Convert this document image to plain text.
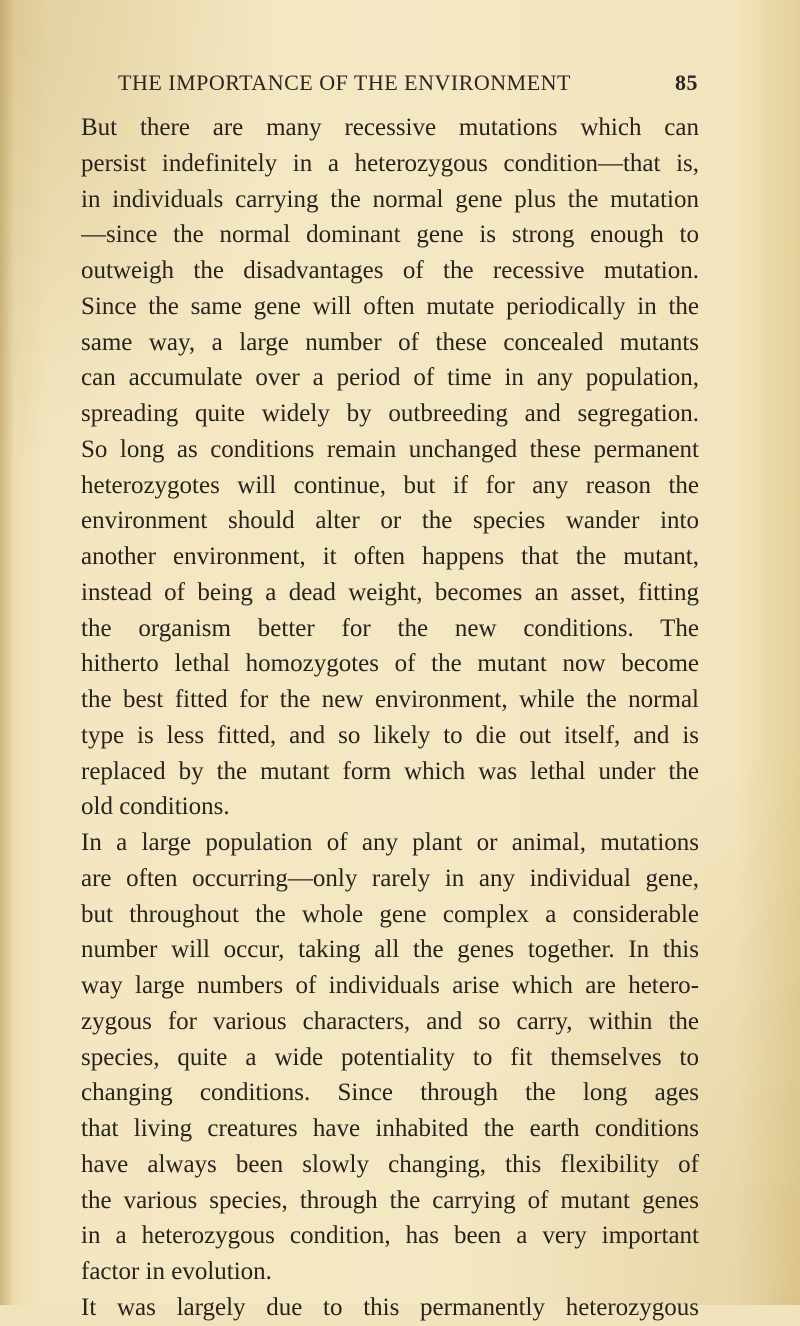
THE IMPORTANCE OF THE ENVIRONMENT	85
But there are many recessive mutations which can
persist indefinitely in a heterozygous condition—that is,
in individuals carrying the normal gene plus the mutation
—since the normal dominant gene is strong enough to
outweigh the disadvantages of the recessive mutation.
Since the same gene will often mutate periodically in the
same way, a large number of these concealed mutants
can accumulate over a period of time in any population,
spreading quite widely by outbreeding and segregation.
So long as conditions remain unchanged these permanent
heterozygotes will continue, but if for any reason the
environment should alter or the species wander into
another environment, it often happens that the mutant,
instead of being a dead weight, becomes an asset, fitting
the organism better for the new conditions. The
hitherto lethal homozygotes of the mutant now become
the best fitted for the new environment, while the normal
type is less fitted, and so likely to die out itself, and is
replaced by the mutant form which was lethal under the
old conditions.
In a large population of any plant or animal, mutations
are often occurring—only rarely in any individual gene,
but throughout the whole gene complex a considerable
number will occur, taking all the genes together. In this
way large numbers of individuals arise which are hetero-
zygous for various characters, and so carry, within the
species, quite a wide potentiality to fit themselves to
changing conditions. Since through the long ages
that living creatures have inhabited the earth conditions
have always been slowly changing, this flexibility of
the various species, through the carrying of mutant genes
in a heterozygous condition, has been a very important
factor in evolution.
It was largely due to this permanently heterozygous
